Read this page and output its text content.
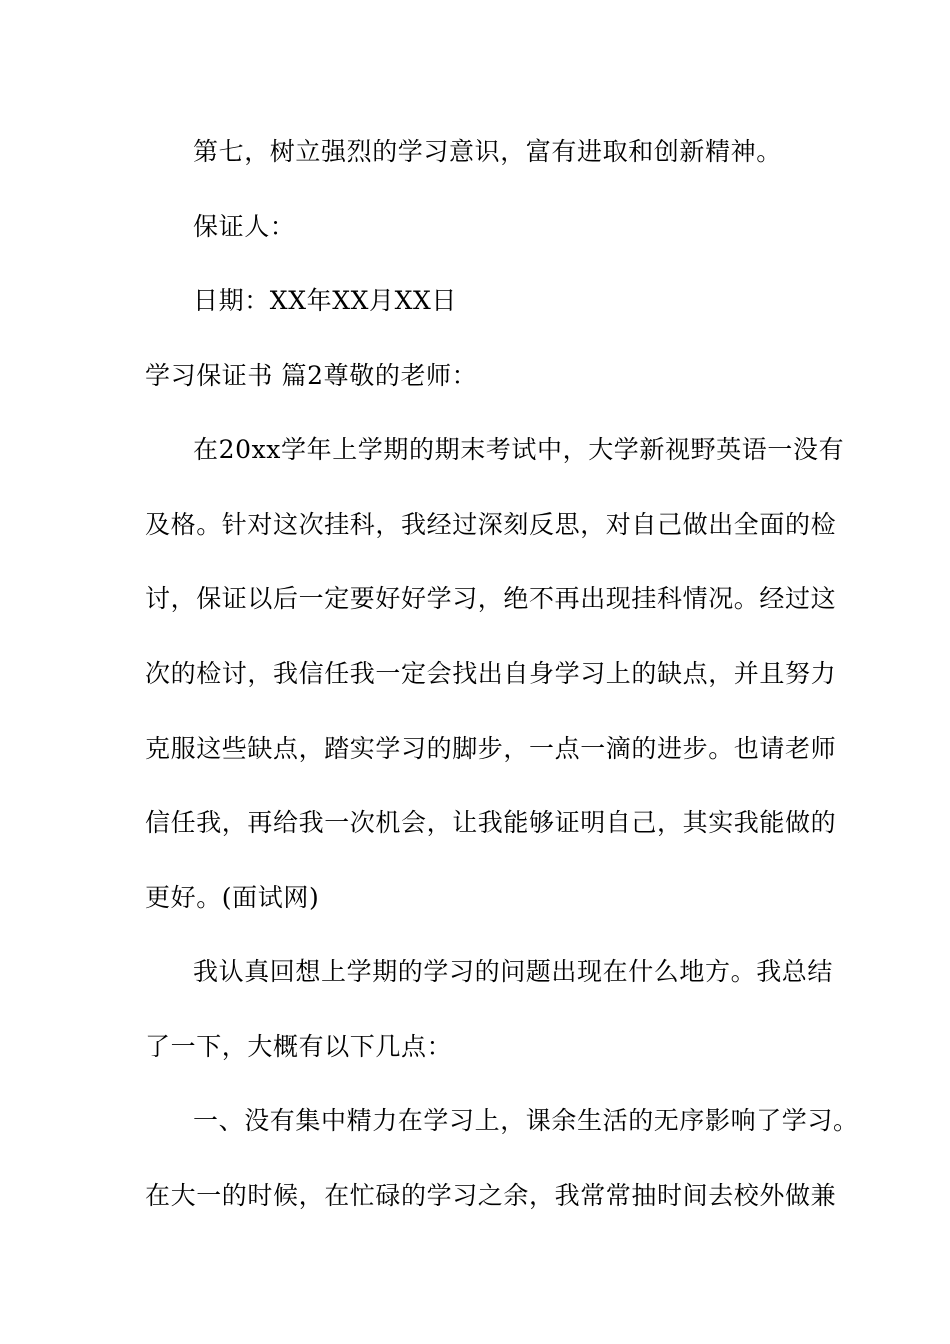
第七，树立强烈的学习意识，富有进取和创新精神。
保证人：
日期：XX年XX月XX日
学习保证书 篇2尊敬的老师：
在20xx学年上学期的期末考试中，大学新视野英语一没有
及格。针对这次挂科，我经过深刻反思，对自己做出全面的检
讨，保证以后一定要好好学习，绝不再出现挂科情况。经过这
次的检讨，我信任我一定会找出自身学习上的缺点，并且努力
克服这些缺点，踏实学习的脚步，一点一滴的进步。也请老师
信任我，再给我一次机会，让我能够证明自己，其实我能做的
更好。(面试网)
我认真回想上学期的学习的问题出现在什么地方。我总结
了一下，大概有以下几点：
一、没有集中精力在学习上，课余生活的无序影响了学习。
在大一的时候，在忙碌的学习之余，我常常抽时间去校外做兼
